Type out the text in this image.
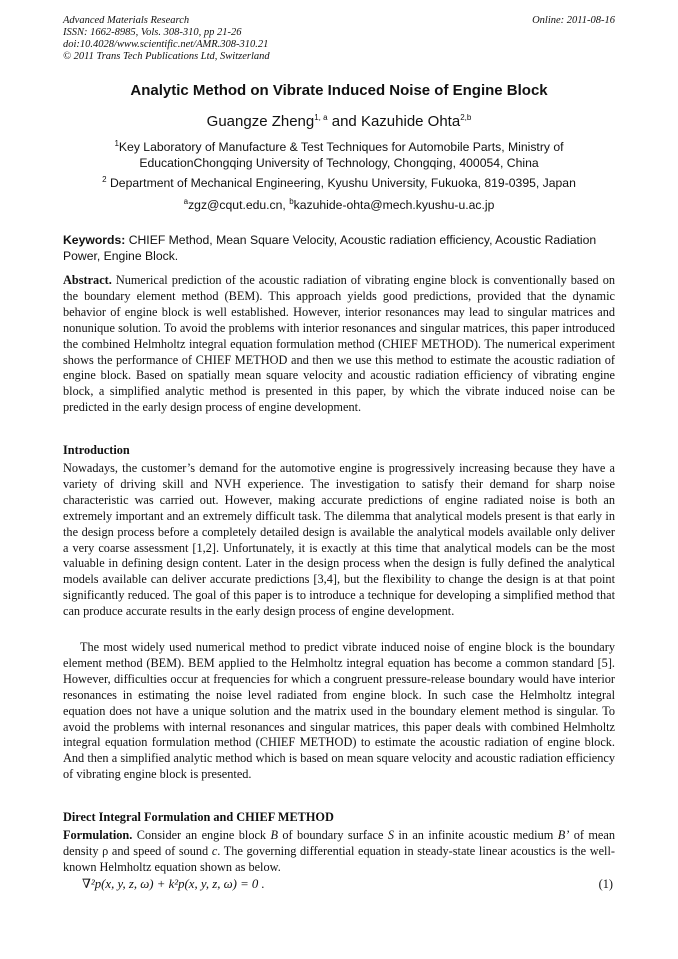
Advanced Materials Research
ISSN: 1662-8985, Vols. 308-310, pp 21-26
doi:10.4028/www.scientific.net/AMR.308-310.21
© 2011 Trans Tech Publications Ltd, Switzerland
Online: 2011-08-16
Analytic Method on Vibrate Induced Noise of Engine Block
Guangze Zheng$^{1, a}$ and Kazuhide Ohta$^{2,b}$
$^1$Key Laboratory of Manufacture & Test Techniques for Automobile Parts, Ministry of EducationChongqing University of Technology, Chongqing, 400054, China
$^2$ Department of Mechanical Engineering, Kyushu University, Fukuoka, 819-0395, Japan
$^a$zgz@cqut.edu.cn, $^b$kazuhide-ohta@mech.kyushu-u.ac.jp
Keywords: CHIEF Method, Mean Square Velocity, Acoustic radiation efficiency, Acoustic Radiation Power, Engine Block.
Abstract. Numerical prediction of the acoustic radiation of vibrating engine block is conventionally based on the boundary element method (BEM). This approach yields good predictions, provided that the dynamic behavior of engine block is well established. However, interior resonances may lead to singular matrices and nonunique solution. To avoid the problems with interior resonances and singular matrices, this paper introduced the combined Helmholtz integral equation formulation method (CHIEF METHOD). The numerical experiment shows the performance of CHIEF METHOD and then we use this method to estimate the acoustic radiation of engine block. Based on spatially mean square velocity and acoustic radiation efficiency of vibrating engine block, a simplified analytic method is presented in this paper, by which the vibrate induced noise can be predicted in the early design process of engine development.
Introduction
Nowadays, the customer’s demand for the automotive engine is progressively increasing because they have a variety of driving skill and NVH experience. The investigation to satisfy their demand for sharp noise characteristic was carried out. However, making accurate predictions of engine radiated noise is both an extremely important and an extremely difficult task. The dilemma that analytical models present is that early in the design process before a completely detailed design is available the analytical models available only deliver a very coarse assessment [1,2]. Unfortunately, it is exactly at this time that analytical models can be the most valuable in defining design content. Later in the design process when the design is fully defined the analytical models available can deliver accurate predictions [3,4], but the flexibility to change the design is at that point significantly reduced. The goal of this paper is to introduce a technique for developing a simplified method that can produce accurate results in the early design process of engine development.
The most widely used numerical method to predict vibrate induced noise of engine block is the boundary element method (BEM). BEM applied to the Helmholtz integral equation has become a common standard [5]. However, difficulties occur at frequencies for which a congruent pressure-release boundary would have interior resonances in estimating the noise level radiated from engine block. In such case the Helmholtz integral equation does not have a unique solution and the matrix used in the boundary element method is singular. To avoid the problems with internal resonances and singular matrices, this paper deals with combined Helmholtz integral equation formulation method (CHIEF METHOD) to estimate the acoustic radiation of engine block. And then a simplified analytic method which is based on mean square velocity and acoustic radiation efficiency of vibrating engine block is presented.
Direct Integral Formulation and CHIEF METHOD
Formulation. Consider an engine block B of boundary surface S in an infinite acoustic medium B’ of mean density ρ and speed of sound c. The governing differential equation in steady-state linear acoustics is the well-known Helmholtz equation shown as below.
∇²p(x, y, z, ω) + k²p(x, y, z, ω) = 0 .	(1)
